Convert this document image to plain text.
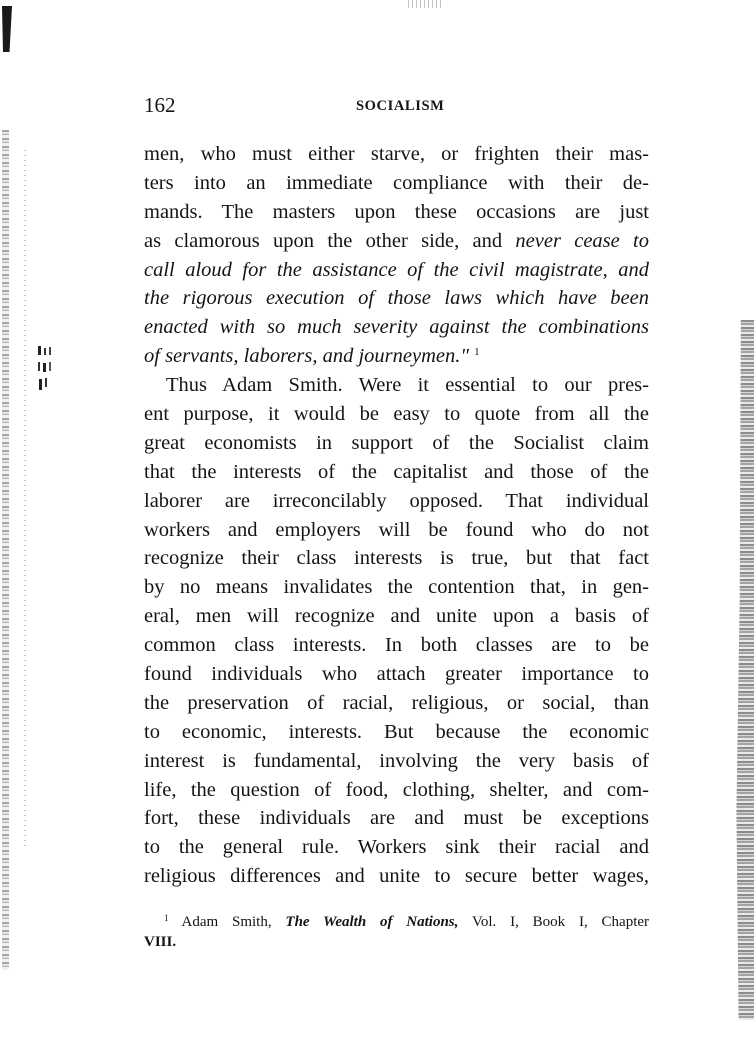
162	SOCIALISM
men, who must either starve, or frighten their mas-
ters into an immediate compliance with their de-
mands. The masters upon these occasions are just
as clamorous upon the other side, and never cease to
call aloud for the assistance of the civil magistrate, and
the rigorous execution of those laws which have been
enacted with so much severity against the combinations
of servants, laborers, and journeymen." $^1$
Thus Adam Smith. Were it essential to our pres-
ent purpose, it would be easy to quote from all the
great economists in support of the Socialist claim
that the interests of the capitalist and those of the
laborer are irreconcilably opposed. That individual
workers and employers will be found who do not
recognize their class interests is true, but that fact
by no means invalidates the contention that, in gen-
eral, men will recognize and unite upon a basis of
common class interests. In both classes are to be
found individuals who attach greater importance to
the preservation of racial, religious, or social, than
to economic, interests. But because the economic
interest is fundamental, involving the very basis of
life, the question of food, clothing, shelter, and com-
fort, these individuals are and must be exceptions
to the general rule. Workers sink their racial and
religious differences and unite to secure better wages,
$^1$ Adam Smith, The Wealth of Nations, Vol. I, Book I, Chapter
VIII.
